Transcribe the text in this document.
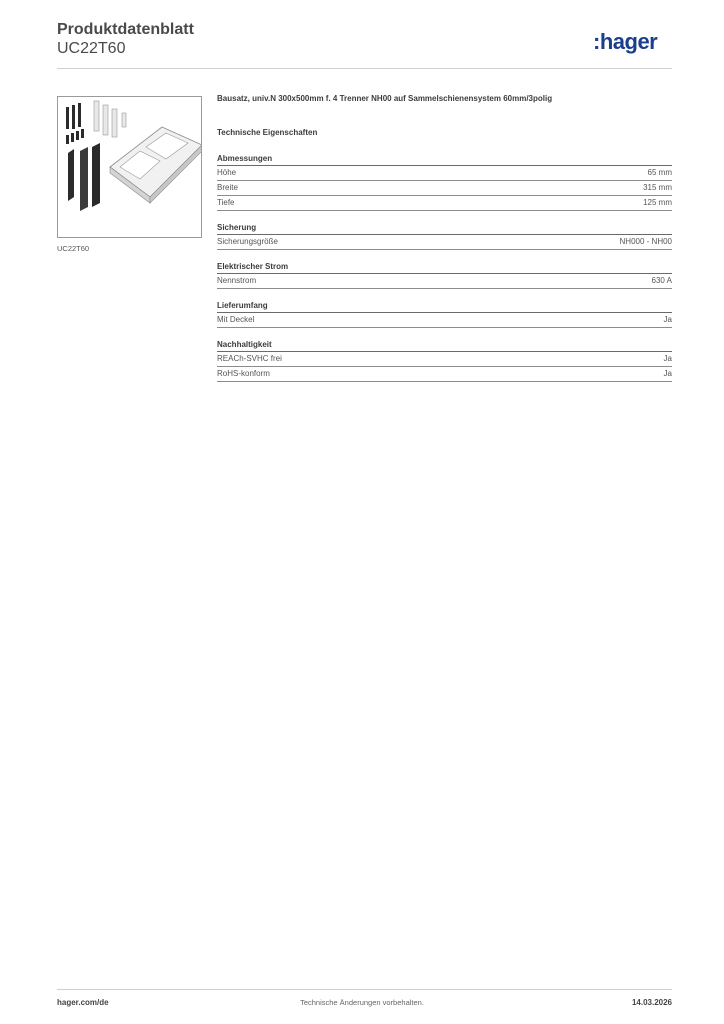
Produktdatenblatt
UC22T60	:hager
UC22T60
Bausatz, univ.N 300x500mm f. 4 Trenner NH00 auf Sammelschienensystem 60mm/3polig
Technische Eigenschaften
Abmessungen
Höhe	65 mm
Breite	315 mm
Tiefe	125 mm
Sicherung
Sicherungsgröße	NH000 - NH00
Elektrischer Strom
Nennstrom	630 A
Lieferumfang
Mit Deckel	Ja
Nachhaltigkeit
REACh-SVHC frei	Ja
RoHS-konform	Ja
Technische Änderungen vorbehalten.
hager.com/de	14.03.2026
